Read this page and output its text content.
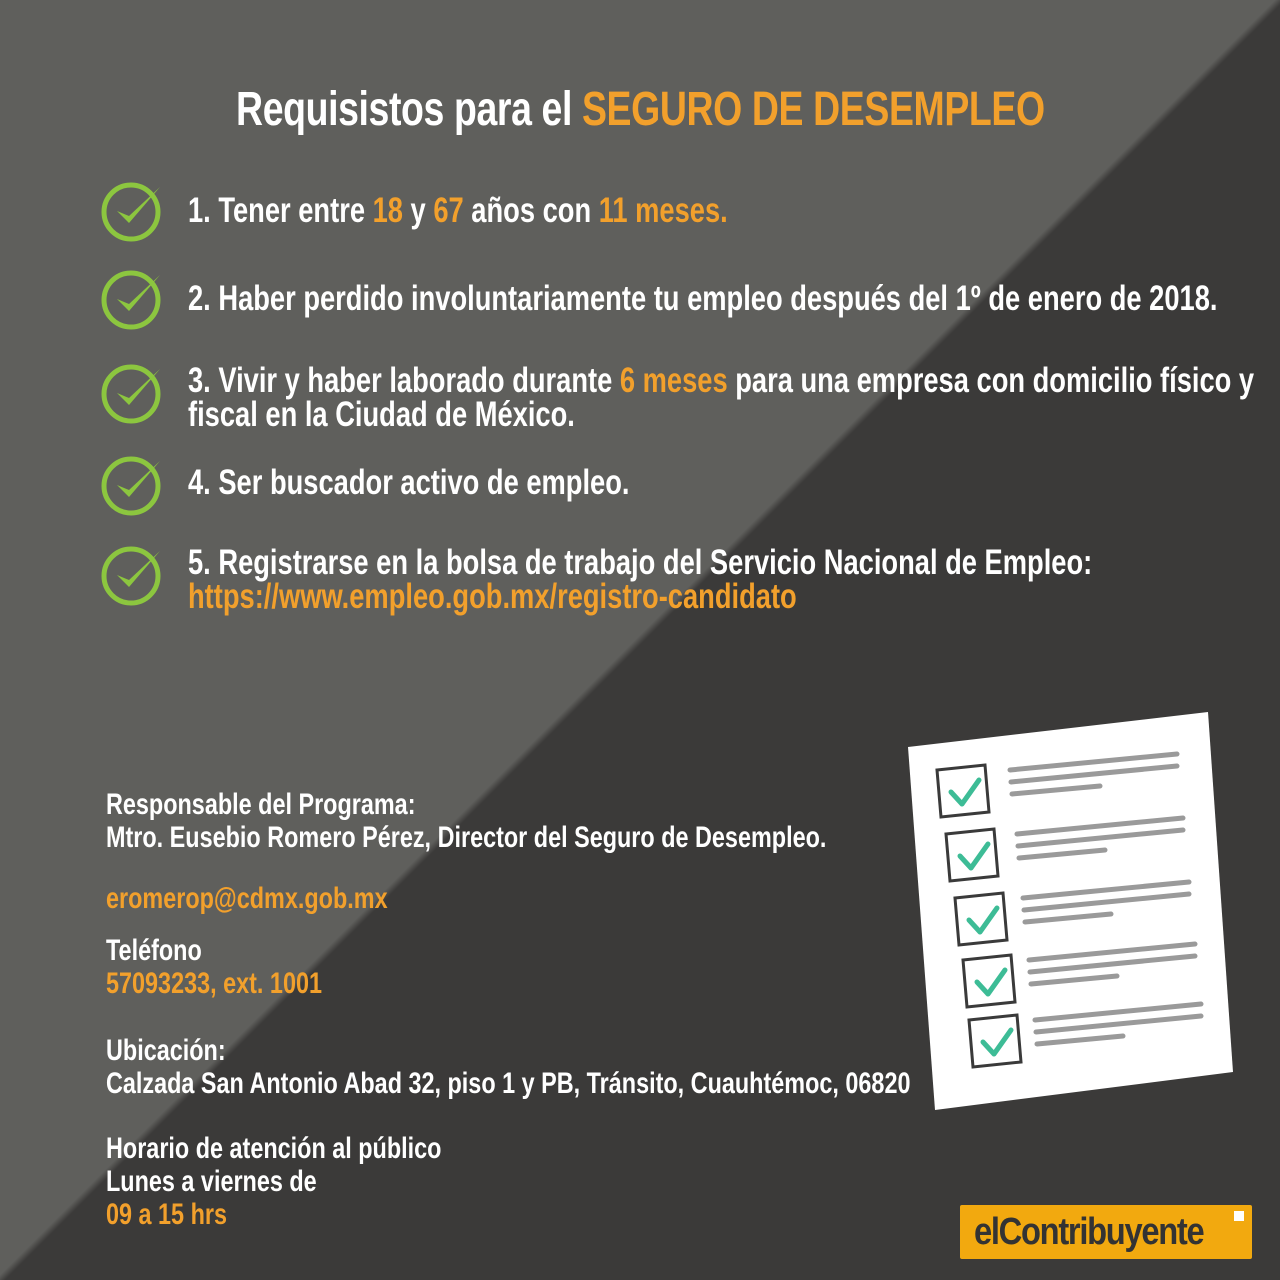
Requisistos para el SEGURO DE DESEMPLEO
1. Tener entre 18 y 67 años con 11 meses.
2. Haber perdido involuntariamente tu empleo después del 1º de enero de 2018.
3. Vivir y haber laborado durante 6 meses para una empresa con domicilio físico y
fiscal en la Ciudad de México.
4. Ser buscador activo de empleo.
5. Registrarse en la bolsa de trabajo del Servicio Nacional de Empleo:
https://www.empleo.gob.mx/registro-candidato
Responsable del Programa:
Mtro. Eusebio Romero Pérez, Director del Seguro de Desempleo.
eromerop@cdmx.gob.mx
Teléfono
57093233, ext. 1001
Ubicación:
Calzada San Antonio Abad 32, piso 1 y PB, Tránsito, Cuauhtémoc, 06820
Horario de atención al público
Lunes a viernes de
09 a 15 hrs	elContribuyente
